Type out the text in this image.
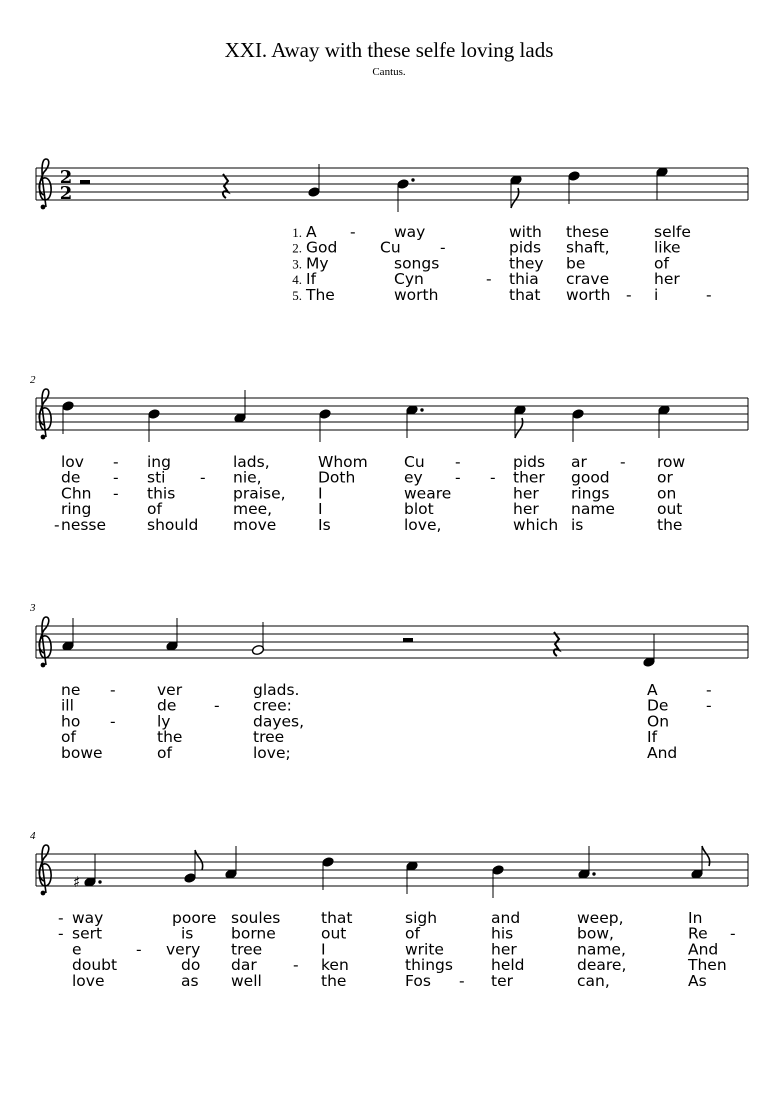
XXI. Away with these selfe loving lads
Cantus.
2
2
1.
2.
3.
4.
5.
A - way	with these	selfe
God	Cu	-	pids shaft,	like
My	songs	they be	of
If	Cyn	- thia crave	her
The	worth	that worth - i	-
2
lov - ing	lads,	Whom Cu -	pids ar - row
de - sti - nie,	Doth	ey - - ther good	or
Chn - this	praise, I	weare	her rings	on
ring	of	mee,	I	blot	her name	out
- nesse	should move	Is	love,	which is	the
3
ne -	ver	glads.	A	-
ill	de - cree:	De -
ho -	ly	dayes,	On
of	the	tree	If
bowe	of	love;	And
4
♯
- way	poore soules	that	sigh	and	weep,	In
- sert	is borne	out	of	his	bow,	Re -
e	- very tree	I	write	her	name,	And
doubt	do dar - ken	things held	deare,	Then
love	as well	the	Fos - ter	can,	As
